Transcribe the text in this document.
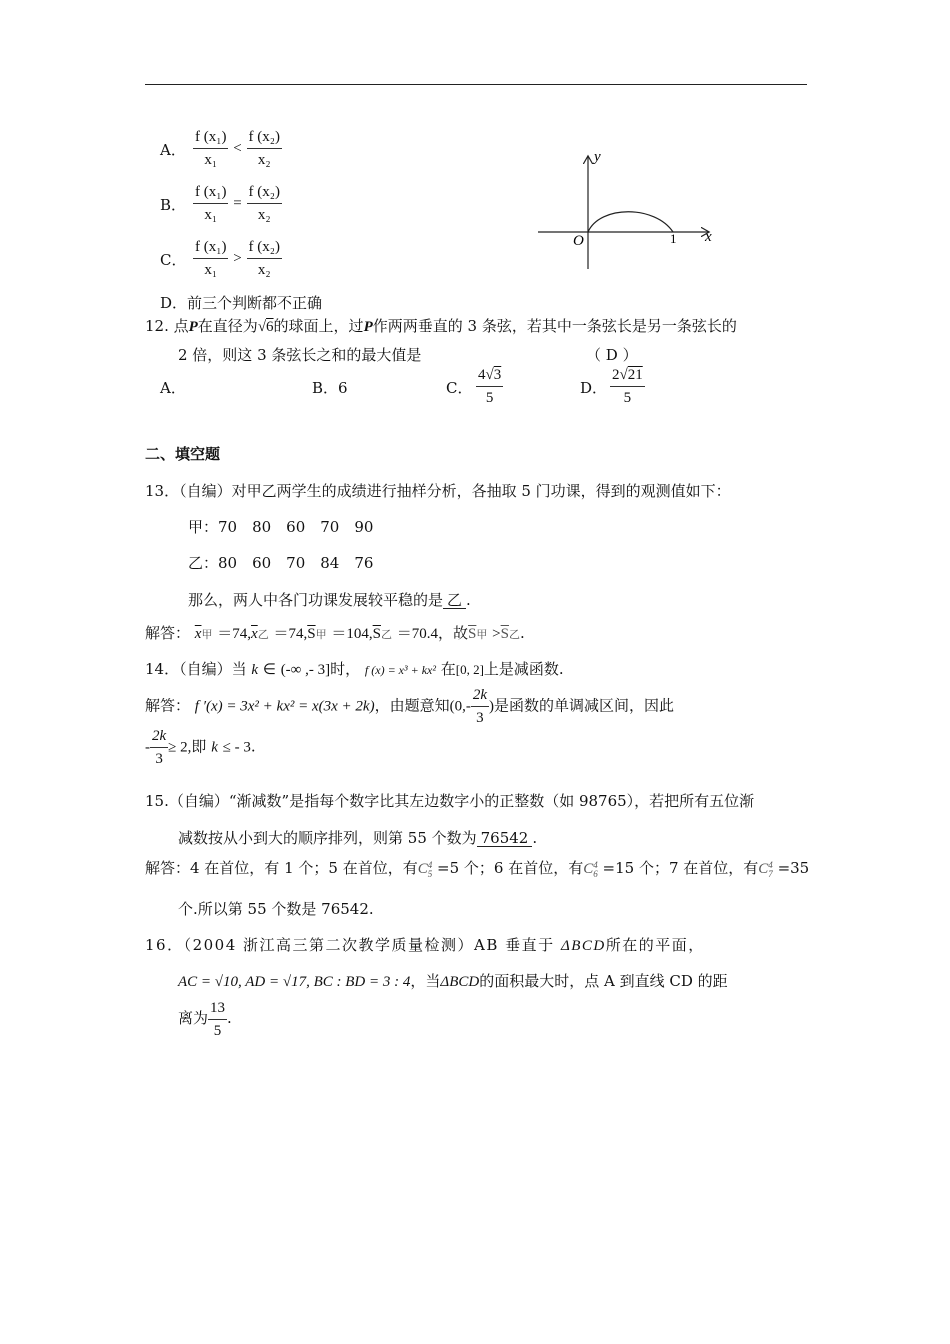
A． $\frac{\text{f (x₁)}}{\text{x₁}} < \frac{\text{f (x₂)}}{\text{x₂}}$
B． $\frac{\text{f (x₁)}}{\text{x₁}} = \frac{\text{f (x₂)}}{\text{x₂}}$
C． $\frac{\text{f (x₁)}}{\text{x₁}} > \frac{\text{f (x₂)}}{\text{x₂}}$
D．前三个判断都不正确
y
x
O	1
12. 点P在直径为√6的球面上，过P作两两垂直的 3 条弦，若其中一条弦长是另一条弦长的
2 倍，则这 3 条弦长之和的最大值是	（ D ）
A．	B．6	C． $\frac{4√3}{5}$	D． $\frac{2√21}{5}$
二、填空题
13．（自编）对甲乙两学生的成绩进行抽样分析，各抽取 5 门功课，得到的观测值如下：
甲：70　80　60　70　90
乙：80　60　70　84　76
那么，两人中各门功课发展较平稳的是 乙 .
解答： $\overline{x}$甲 $=74,\overline{x}$乙 $=74,\overline{S}$甲 $=104,\overline{S}$乙 ＝70.4，故$\overline{S}$甲 $>\overline{S}$乙.
14．（自编）当 k ∈ (-∞ ,- 3]时， f (x) = x³ + kx² 在[0, 2]上是减函数.
解答： f ′(x) = 3x² + kx² = x(3x + 2k)，由题意知($0,- \frac{2k}{3}$ )是函数的单调减区间，因此
- $\frac{2k}{3} \ge 2$,即 k ≤ - 3.
15.（自编）“渐减数”是指每个数字比其左边数字小的正整数（如 98765），若把所有五位渐
减数按从小到大的顺序排列，则第 55 个数为 76542 .
解答：4 在首位，有 1 个；5 在首位，有C 4
5 =5 个；6 在首位，有C 4
6 =15 个；7 在首位，有C 4
7 =35
个.所以第 55 个数是 76542.
16．（2004 浙江高三第二次教学质量检测）AB 垂直于 ΔBCD所在的平面，
AC = √10, AD = √17, BC : BD = 3 : 4，当ΔBCD的面积最大时，点 A 到直线 CD 的距
离为 $\frac{13}{5}$ .
